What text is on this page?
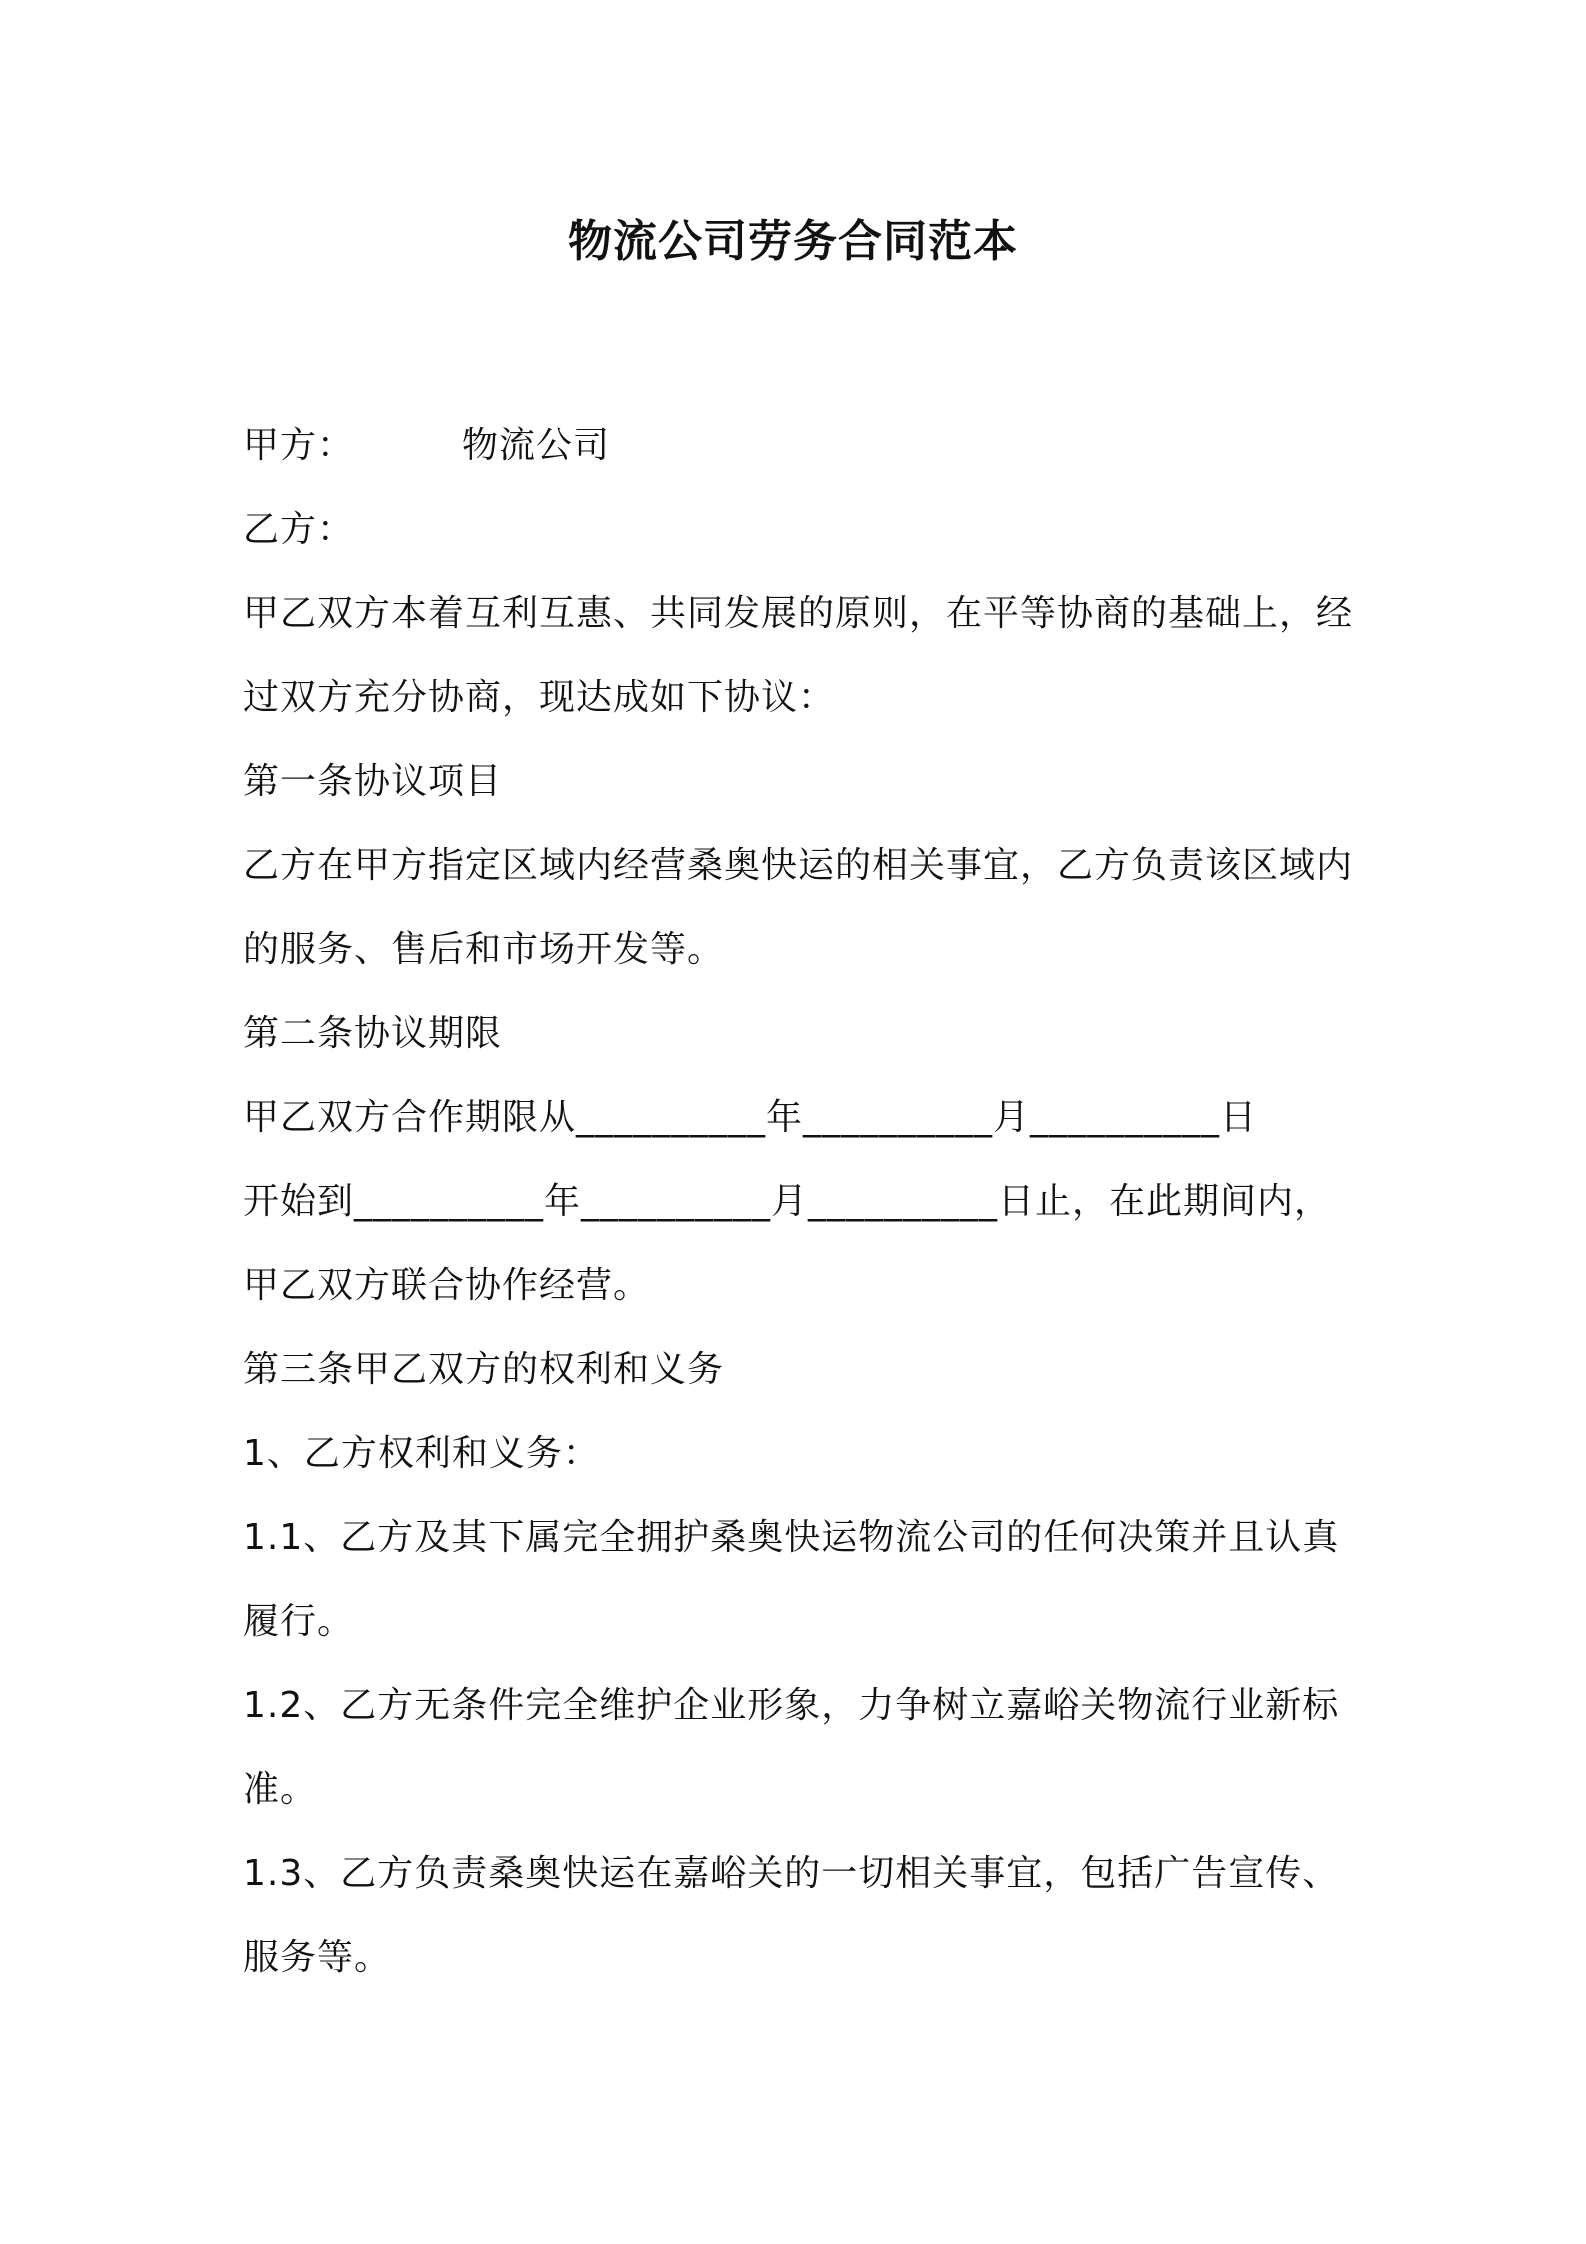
物流公司劳务合同范本
甲方：	物流公司
乙方：
甲乙双方本着互利互惠、共同发展的原则，在平等协商的基础上，经
过双方充分协商，现达成如下协议：
第一条协议项目
乙方在甲方指定区域内经营桑奥快运的相关事宜，乙方负责该区域内
的服务、售后和市场开发等。
第二条协议期限
甲乙双方合作期限从__________年__________月__________日
开始到__________年__________月__________日止，在此期间内，
甲乙双方联合协作经营。
第三条甲乙双方的权利和义务
1、乙方权利和义务：
1.1、乙方及其下属完全拥护桑奥快运物流公司的任何决策并且认真
履行。
1.2、乙方无条件完全维护企业形象，力争树立嘉峪关物流行业新标
准。
1.3、乙方负责桑奥快运在嘉峪关的一切相关事宜，包括广告宣传、
服务等。
